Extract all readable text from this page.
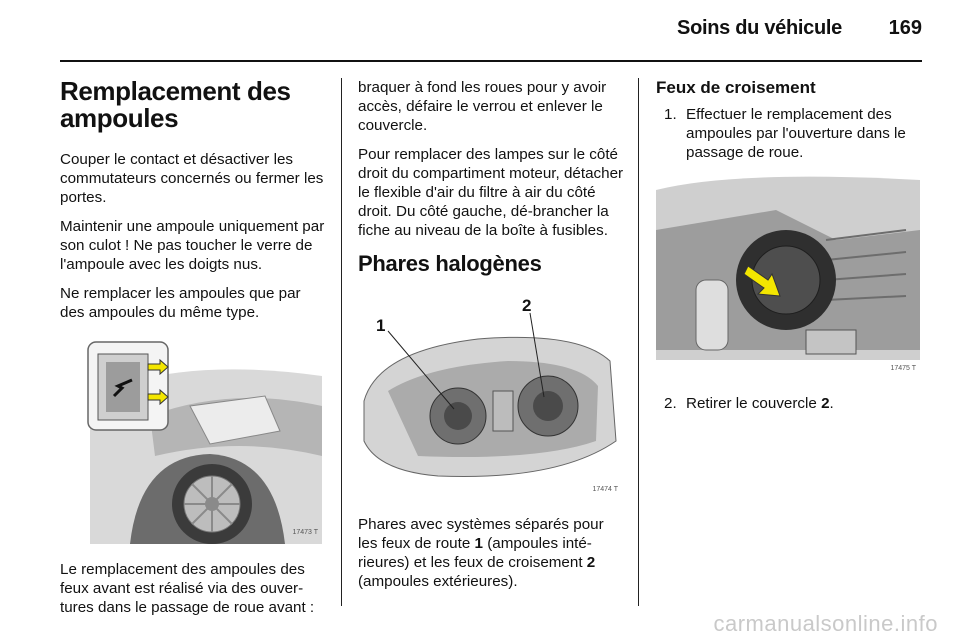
Soins du véhicule 169
Remplacement des ampoules

Couper le contact et désactiver les commutateurs concernés ou fermer les portes.

Maintenir une ampoule uniquement par son culot ! Ne pas toucher le verre de l'ampoule avec les doigts nus.

Ne remplacer les ampoules que par des ampoules du même type.

17473 T

Le remplacement des ampoules des feux avant est réalisé via des ouver-tures dans le passage de roue avant :

braquer à fond les roues pour y avoir accès, défaire le verrou et enlever le couvercle.

Pour remplacer des lampes sur le côté droit du compartiment moteur, détacher le flexible d'air du filtre à air du côté droit. Du côté gauche, dé-brancher la fiche au niveau de la boîte à fusibles.

Phares halogènes
1
2
17474 T

Phares avec systèmes séparés pour les feux de route 1 (ampoules inté-rieures) et les feux de croisement 2 (ampoules extérieures).

Feux de croisement
1. Effectuer le remplacement des ampoules par l'ouverture dans le passage de roue.
17475 T
2. Retirer le couvercle 2.
carmanualsonline.info
